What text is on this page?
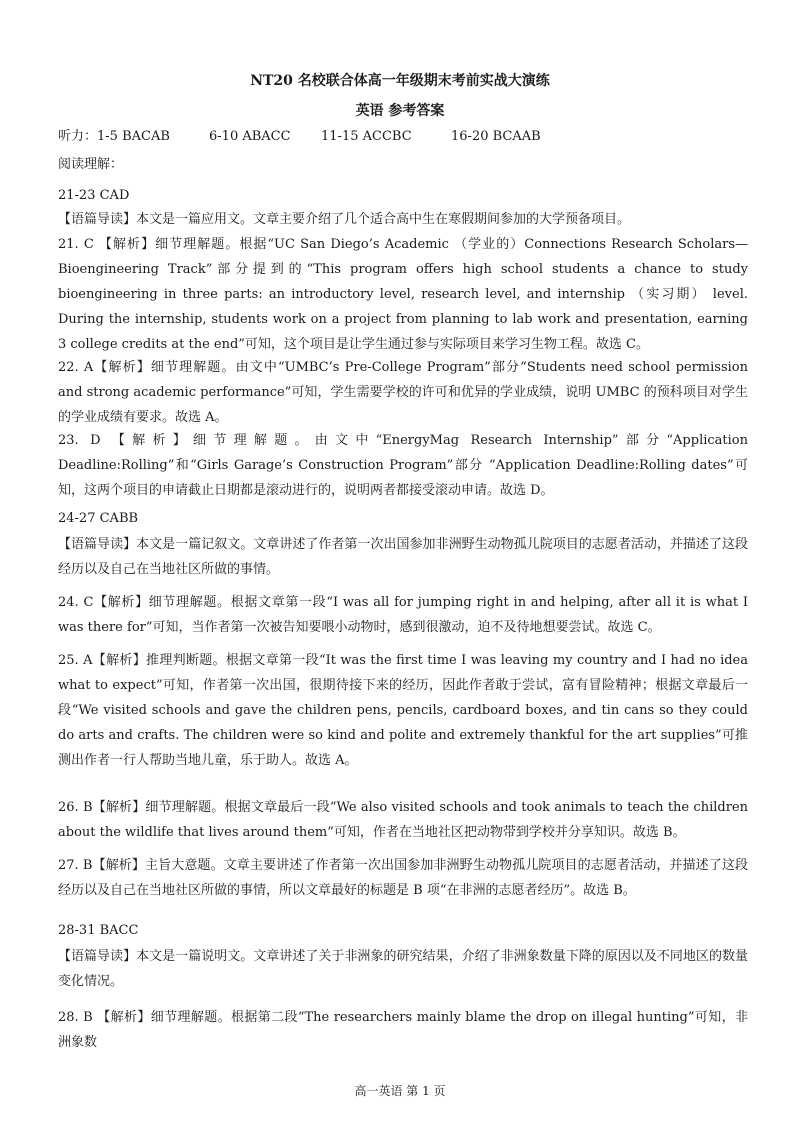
NT20 名校联合体高一年级期末考前实战大演练
英语 参考答案
听力：1-5 BACAB	6-10 ABACC 11-15 ACCBC	16-20 BCAAB
阅读理解：
21-23 CAD
【语篇导读】本文是一篇应用文。文章主要介绍了几个适合高中生在寒假期间参加的大学预备项目。
21. C 【解析】细节理解题。根据“UC San Diego’s Academic （学业的）Connections Research Scholars—Bioengineering Track”部分提到的“This program offers high school students a chance to study bioengineering in three parts: an introductory level, research level, and internship （实习期） level. During the internship, students work on a project from planning to lab work and presentation, earning 3 college credits at the end”可知，这个项目是让学生通过参与实际项目来学习生物工程。故选 C。
22. A【解析】细节理解题。由文中“UMBC’s Pre-College Program”部分“Students need school permission and strong academic performance”可知，学生需要学校的许可和优异的学业成绩，说明 UMBC 的预科项目对学生的学业成绩有要求。故选 A。
23. D 【解析】细节理解题。由文中“EnergyMag Research Internship”部分“Application Deadline:Rolling”和“Girls Garage’s Construction Program”部分 “Application Deadline:Rolling dates”可知，这两个项目的申请截止日期都是滚动进行的，说明两者都接受滚动申请。故选 D。
24-27 CABB
【语篇导读】本文是一篇记叙文。文章讲述了作者第一次出国参加非洲野生动物孤儿院项目的志愿者活动，并描述了这段经历以及自己在当地社区所做的事情。
24. C【解析】细节理解题。根据文章第一段“I was all for jumping right in and helping, after all it is what I was there for”可知，当作者第一次被告知要喂小动物时，感到很激动，迫不及待地想要尝试。故选 C。
25. A【解析】推理判断题。根据文章第一段“It was the first time I was leaving my country and I had no idea what to expect”可知，作者第一次出国，很期待接下来的经历，因此作者敢于尝试，富有冒险精神；根据文章最后一段“We visited schools and gave the children pens, pencils, cardboard boxes, and tin cans so they could do arts and crafts. The children were so kind and polite and extremely thankful for the art supplies”可推测出作者一行人帮助当地儿童，乐于助人。故选 A。
26. B【解析】细节理解题。根据文章最后一段“We also visited schools and took animals to teach the children about the wildlife that lives around them”可知，作者在当地社区把动物带到学校并分享知识。故选 B。
27. B【解析】主旨大意题。文章主要讲述了作者第一次出国参加非洲野生动物孤儿院项目的志愿者活动，并描述了这段经历以及自己在当地社区所做的事情，所以文章最好的标题是 B 项“在非洲的志愿者经历”。故选 B。
28-31 BACC
【语篇导读】本文是一篇说明文。文章讲述了关于非洲象的研究结果，介绍了非洲象数量下降的原因以及不同地区的数量变化情况。
28. B 【解析】细节理解题。根据第二段“The researchers mainly blame the drop on illegal hunting”可知，非洲象数
高一英语 第 1 页
